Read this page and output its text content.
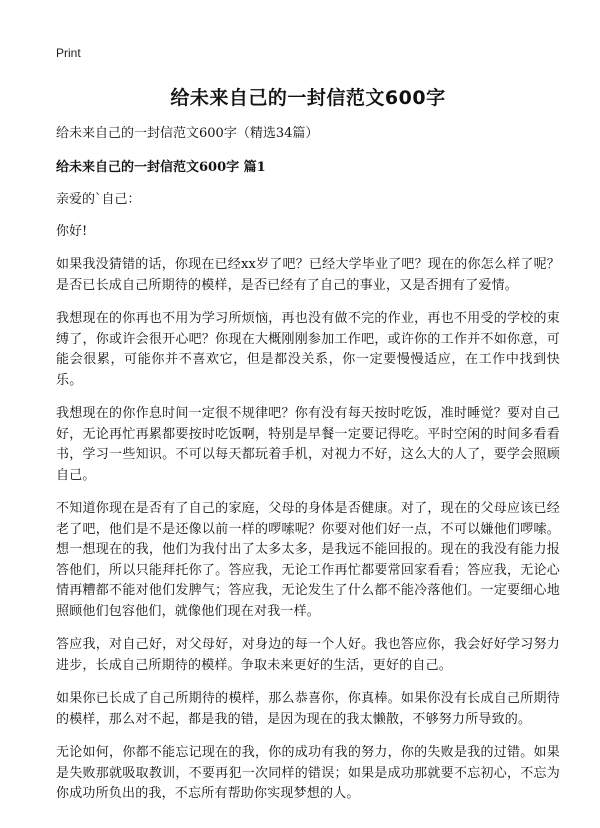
Print

给未来自己的一封信范文600字

给未来自己的一封信范文600字（精选34篇）

给未来自己的一封信范文600字 篇1

亲爱的`自己：

你好!

如果我没猜错的话，你现在已经xx岁了吧？已经大学毕业了吧？现在的你怎么样了呢？是否已长成自己所期待的模样，是否已经有了自己的事业，又是否拥有了爱情。

我想现在的你再也不用为学习所烦恼，再也没有做不完的作业，再也不用受的学校的束缚了，你或许会很开心吧？你现在大概刚刚参加工作吧，或许你的工作并不如你意，可能会很累，可能你并不喜欢它，但是都没关系，你一定要慢慢适应，在工作中找到快乐。

我想现在的你作息时间一定很不规律吧？你有没有每天按时吃饭，准时睡觉？要对自己好，无论再忙再累都要按时吃饭啊，特别是早餐一定要记得吃。平时空闲的时间多看看书，学习一些知识。不可以每天都玩着手机，对视力不好，这么大的人了，要学会照顾自己。

不知道你现在是否有了自己的家庭，父母的身体是否健康。对了，现在的父母应该已经老了吧，他们是不是还像以前一样的啰嗦呢？你要对他们好一点，不可以嫌他们啰嗦。想一想现在的我，他们为我付出了太多太多，是我远不能回报的。现在的我没有能力报答他们，所以只能拜托你了。答应我，无论工作再忙都要常回家看看；答应我，无论心情再糟都不能对他们发脾气；答应我，无论发生了什么都不能冷落他们。一定要细心地照顾他们包容他们，就像他们现在对我一样。

答应我，对自己好，对父母好，对身边的每一个人好。我也答应你，我会好好学习努力进步，长成自己所期待的模样。争取未来更好的生活，更好的自己。

如果你已长成了自己所期待的模样，那么恭喜你，你真棒。如果你没有长成自己所期待的模样，那么对不起，都是我的错，是因为现在的我太懒散，不够努力所导致的。

无论如何，你都不能忘记现在的我，你的成功有我的努力，你的失败是我的过错。如果是失败那就吸取教训，不要再犯一次同样的错误；如果是成功那就要不忘初心，不忘为你成功所负出的我，不忘所有帮助你实现梦想的人。
